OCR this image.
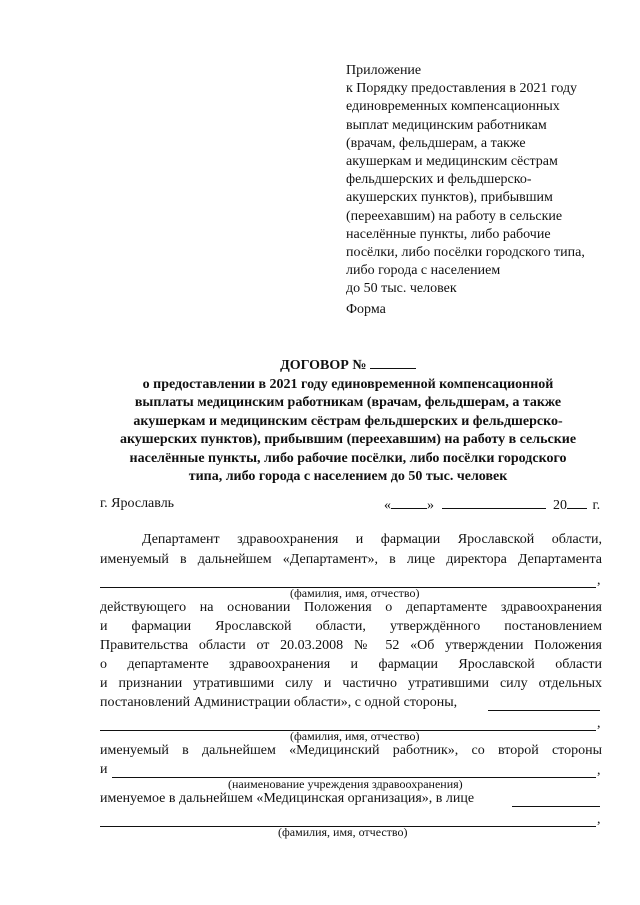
Приложение
к Порядку предоставления в 2021 году
единовременных компенсационных
выплат медицинским работникам
(врачам, фельдшерам, а также
акушеркам и медицинским сёстрам
фельдшерских и фельдшерско-
акушерских пунктов), прибывшим
(переехавшим) на работу в сельские
населённые пункты, либо рабочие
посёлки, либо посёлки городского типа,
либо города с населением
до 50 тыс. человек
Форма
ДОГОВОР №
о предоставлении в 2021 году единовременной компенсационной
выплаты медицинским работникам (врачам, фельдшерам, а также
акушеркам и медицинским сёстрам фельдшерских и фельдшерско-
акушерских пунктов), прибывшим (переехавшим) на работу в сельские
населённые пункты, либо рабочие посёлки, либо посёлки городского
типа, либо города с населением до 50 тыс. человек
г. Ярославль	«	»	20 г.
Департамент здравоохранения и фармации Ярославской области,
именуемый в дальнейшем «Департамент», в лице директора Департамента
,
(фамилия, имя, отчество)
действующего на основании Положения о департаменте здравоохранения
и фармации Ярославской области, утверждённого постановлением
Правительства области от 20.03.2008 № 52 «Об утверждении Положения
о департаменте здравоохранения и фармации Ярославской области
и признании утратившими силу и частично утратившими силу отдельных
постановлений Администрации области», с одной стороны,
,
(фамилия, имя, отчество)
именуемый в дальнейшем «Медицинский работник», со второй стороны
и	,
(наименование учреждения здравоохранения)
именуемое в дальнейшем «Медицинская организация», в лице
,
(фамилия, имя, отчество)
